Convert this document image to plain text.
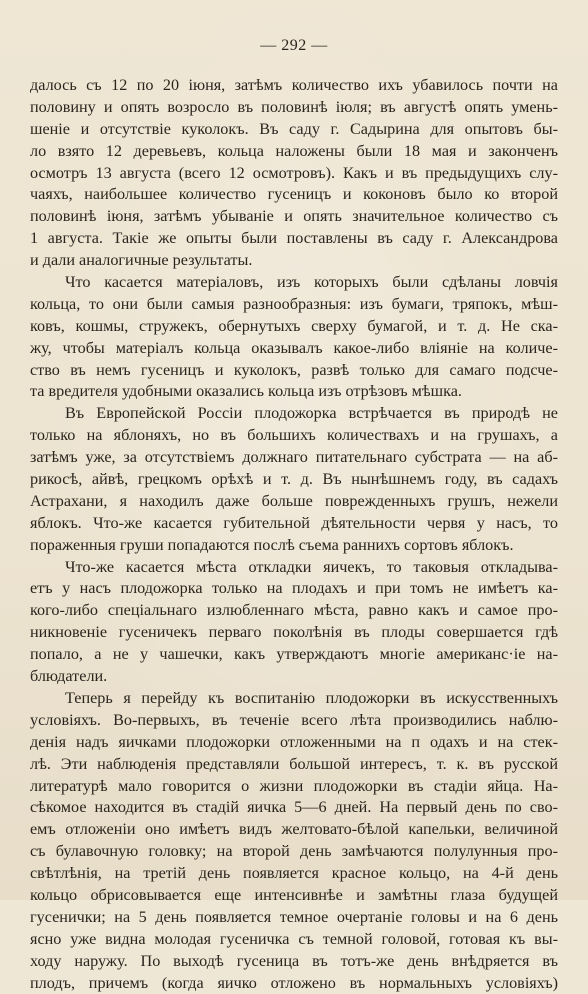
— 292 —
далось съ 12 по 20 іюня, затѣмъ количество ихъ убавилось почти на
половину и опять возросло въ половинѣ іюля; въ августѣ опять умень-
шеніе и отсутствіе куколокъ. Въ саду г. Садырина для опытовъ бы-
ло взято 12 деревьевъ, кольца наложены были 18 мая и законченъ
осмотръ 13 августа (всего 12 осмотровъ). Какъ и въ предыдущихъ слу-
чаяхъ, наибольшее количество гусеницъ и коконовъ было ко второй
половинѣ іюня, затѣмъ убываніе и опять значительное количество съ
1 августа. Такіе же опыты были поставлены въ саду г. Александрова
и дали аналогичные результаты.
Что касается матеріаловъ, изъ которыхъ были сдѣланы ловчія
кольца, то они были самыя разнообразныя: изъ бумаги, тряпокъ, мѣш-
ковъ, кошмы, стружекъ, обернутыхъ сверху бумагой, и т. д. Не ска-
жу, чтобы матеріалъ кольца оказывалъ какое-либо вліяніе на количе-
ство въ немъ гусеницъ и куколокъ, развѣ только для самаго подсче-
та вредителя удобными оказались кольца изъ отрѣзовъ мѣшка.
Въ Европейской Россіи плодожорка встрѣчается въ природѣ не
только на яблоняхъ, но въ большихъ количествахъ и на грушахъ, а
затѣмъ уже, за отсутствіемъ должнаго питательнаго субстрата — на аб-
рикосѣ, айвѣ, грецкомъ орѣхѣ и т. д. Въ нынѣшнемъ году, въ садахъ
Астрахани, я находилъ даже больше поврежденныхъ грушъ, нежели
яблокъ. Что-же касается губительной дѣятельности червя у насъ, то
пораженныя груши попадаются послѣ съема раннихъ сортовъ яблокъ.
Что-же касается мѣста откладки яичекъ, то таковыя откладыва-
етъ у насъ плодожорка только на плодахъ и при томъ не имѣетъ ка-
кого-либо спеціальнаго излюбленнаго мѣста, равно какъ и самое про-
никновеніе гусеничекъ перваго поколѣнія въ плоды совершается гдѣ
попало, а не у чашечки, какъ утверждаютъ многіе американс·іе на-
блюдатели.
Теперь я перейду къ воспитанію плодожорки въ искусственныхъ
условіяхъ. Во-первыхъ, въ теченіе всего лѣта производились наблю-
денія надъ яичками плодожорки отложенными на п одахъ и на стек-
лѣ. Эти наблюденія представляли большой интересъ, т. к. въ русской
литературѣ мало говорится о жизни плодожорки въ стадіи яйца. На-
сѣкомое находится въ стадій яичка 5—6 дней. На первый день по сво-
емъ отложеніи оно имѣетъ видъ желтовато-бѣлой капельки, величиной
съ булавочную головку; на второй день замѣчаются полулунныя про-
свѣтлѣнія, на третій день появляется красное кольцо, на 4-й день
кольцо обрисовывается еще интенсивнѣе и замѣтны глаза будущей
гусенички; на 5 день появляется темное очертаніе головы и на 6 день
ясно уже видна молодая гусеничка съ темной головой, готовая къ вы-
ходу наружу. По выходѣ гусеница въ тотъ-же день внѣдряется въ
плодъ, причемъ (когда яичко отложено въ нормальныхъ условіяхъ)
